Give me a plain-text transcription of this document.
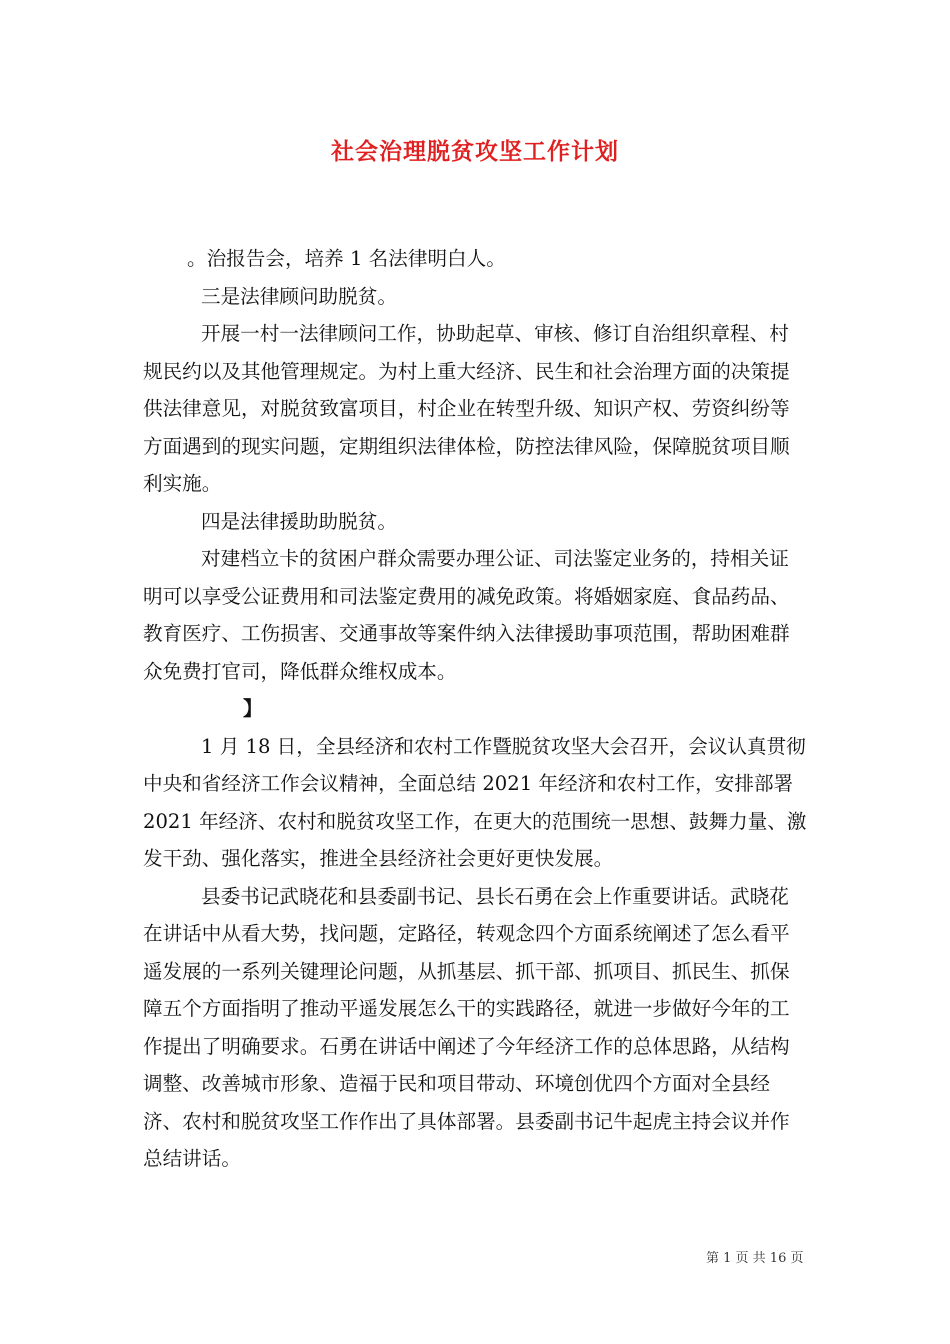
社会治理脱贫攻坚工作计划

。治报告会，培养 1 名法律明白人。

三是法律顾问助脱贫。

开展一村一法律顾问工作，协助起草、审核、修订自治组织章程、村规民约以及其他管理规定。为村上重大经济、民生和社会治理方面的决策提供法律意见，对脱贫致富项目，村企业在转型升级、知识产权、劳资纠纷等方面遇到的现实问题，定期组织法律体检，防控法律风险，保障脱贫项目顺利实施。

四是法律援助助脱贫。

对建档立卡的贫困户群众需要办理公证、司法鉴定业务的，持相关证明可以享受公证费用和司法鉴定费用的减免政策。将婚姻家庭、食品药品、教育医疗、工伤损害、交通事故等案件纳入法律援助事项范围，帮助困难群众免费打官司，降低群众维权成本。

】

1 月 18 日，全县经济和农村工作暨脱贫攻坚大会召开，会议认真贯彻中央和省经济工作会议精神，全面总结 2021 年经济和农村工作，安排部署 2021 年经济、农村和脱贫攻坚工作，在更大的范围统一思想、鼓舞力量、激发干劲、强化落实，推进全县经济社会更好更快发展。

县委书记武晓花和县委副书记、县长石勇在会上作重要讲话。武晓花在讲话中从看大势，找问题，定路径，转观念四个方面系统阐述了怎么看平遥发展的一系列关键理论问题，从抓基层、抓干部、抓项目、抓民生、抓保障五个方面指明了推动平遥发展怎么干的实践路径，就进一步做好今年的工作提出了明确要求。石勇在讲话中阐述了今年经济工作的总体思路，从结构调整、改善城市形象、造福于民和项目带动、环境创优四个方面对全县经济、农村和脱贫攻坚工作作出了具体部署。县委副书记牛起虎主持会议并作总结讲话。

第 1 页 共 16 页
